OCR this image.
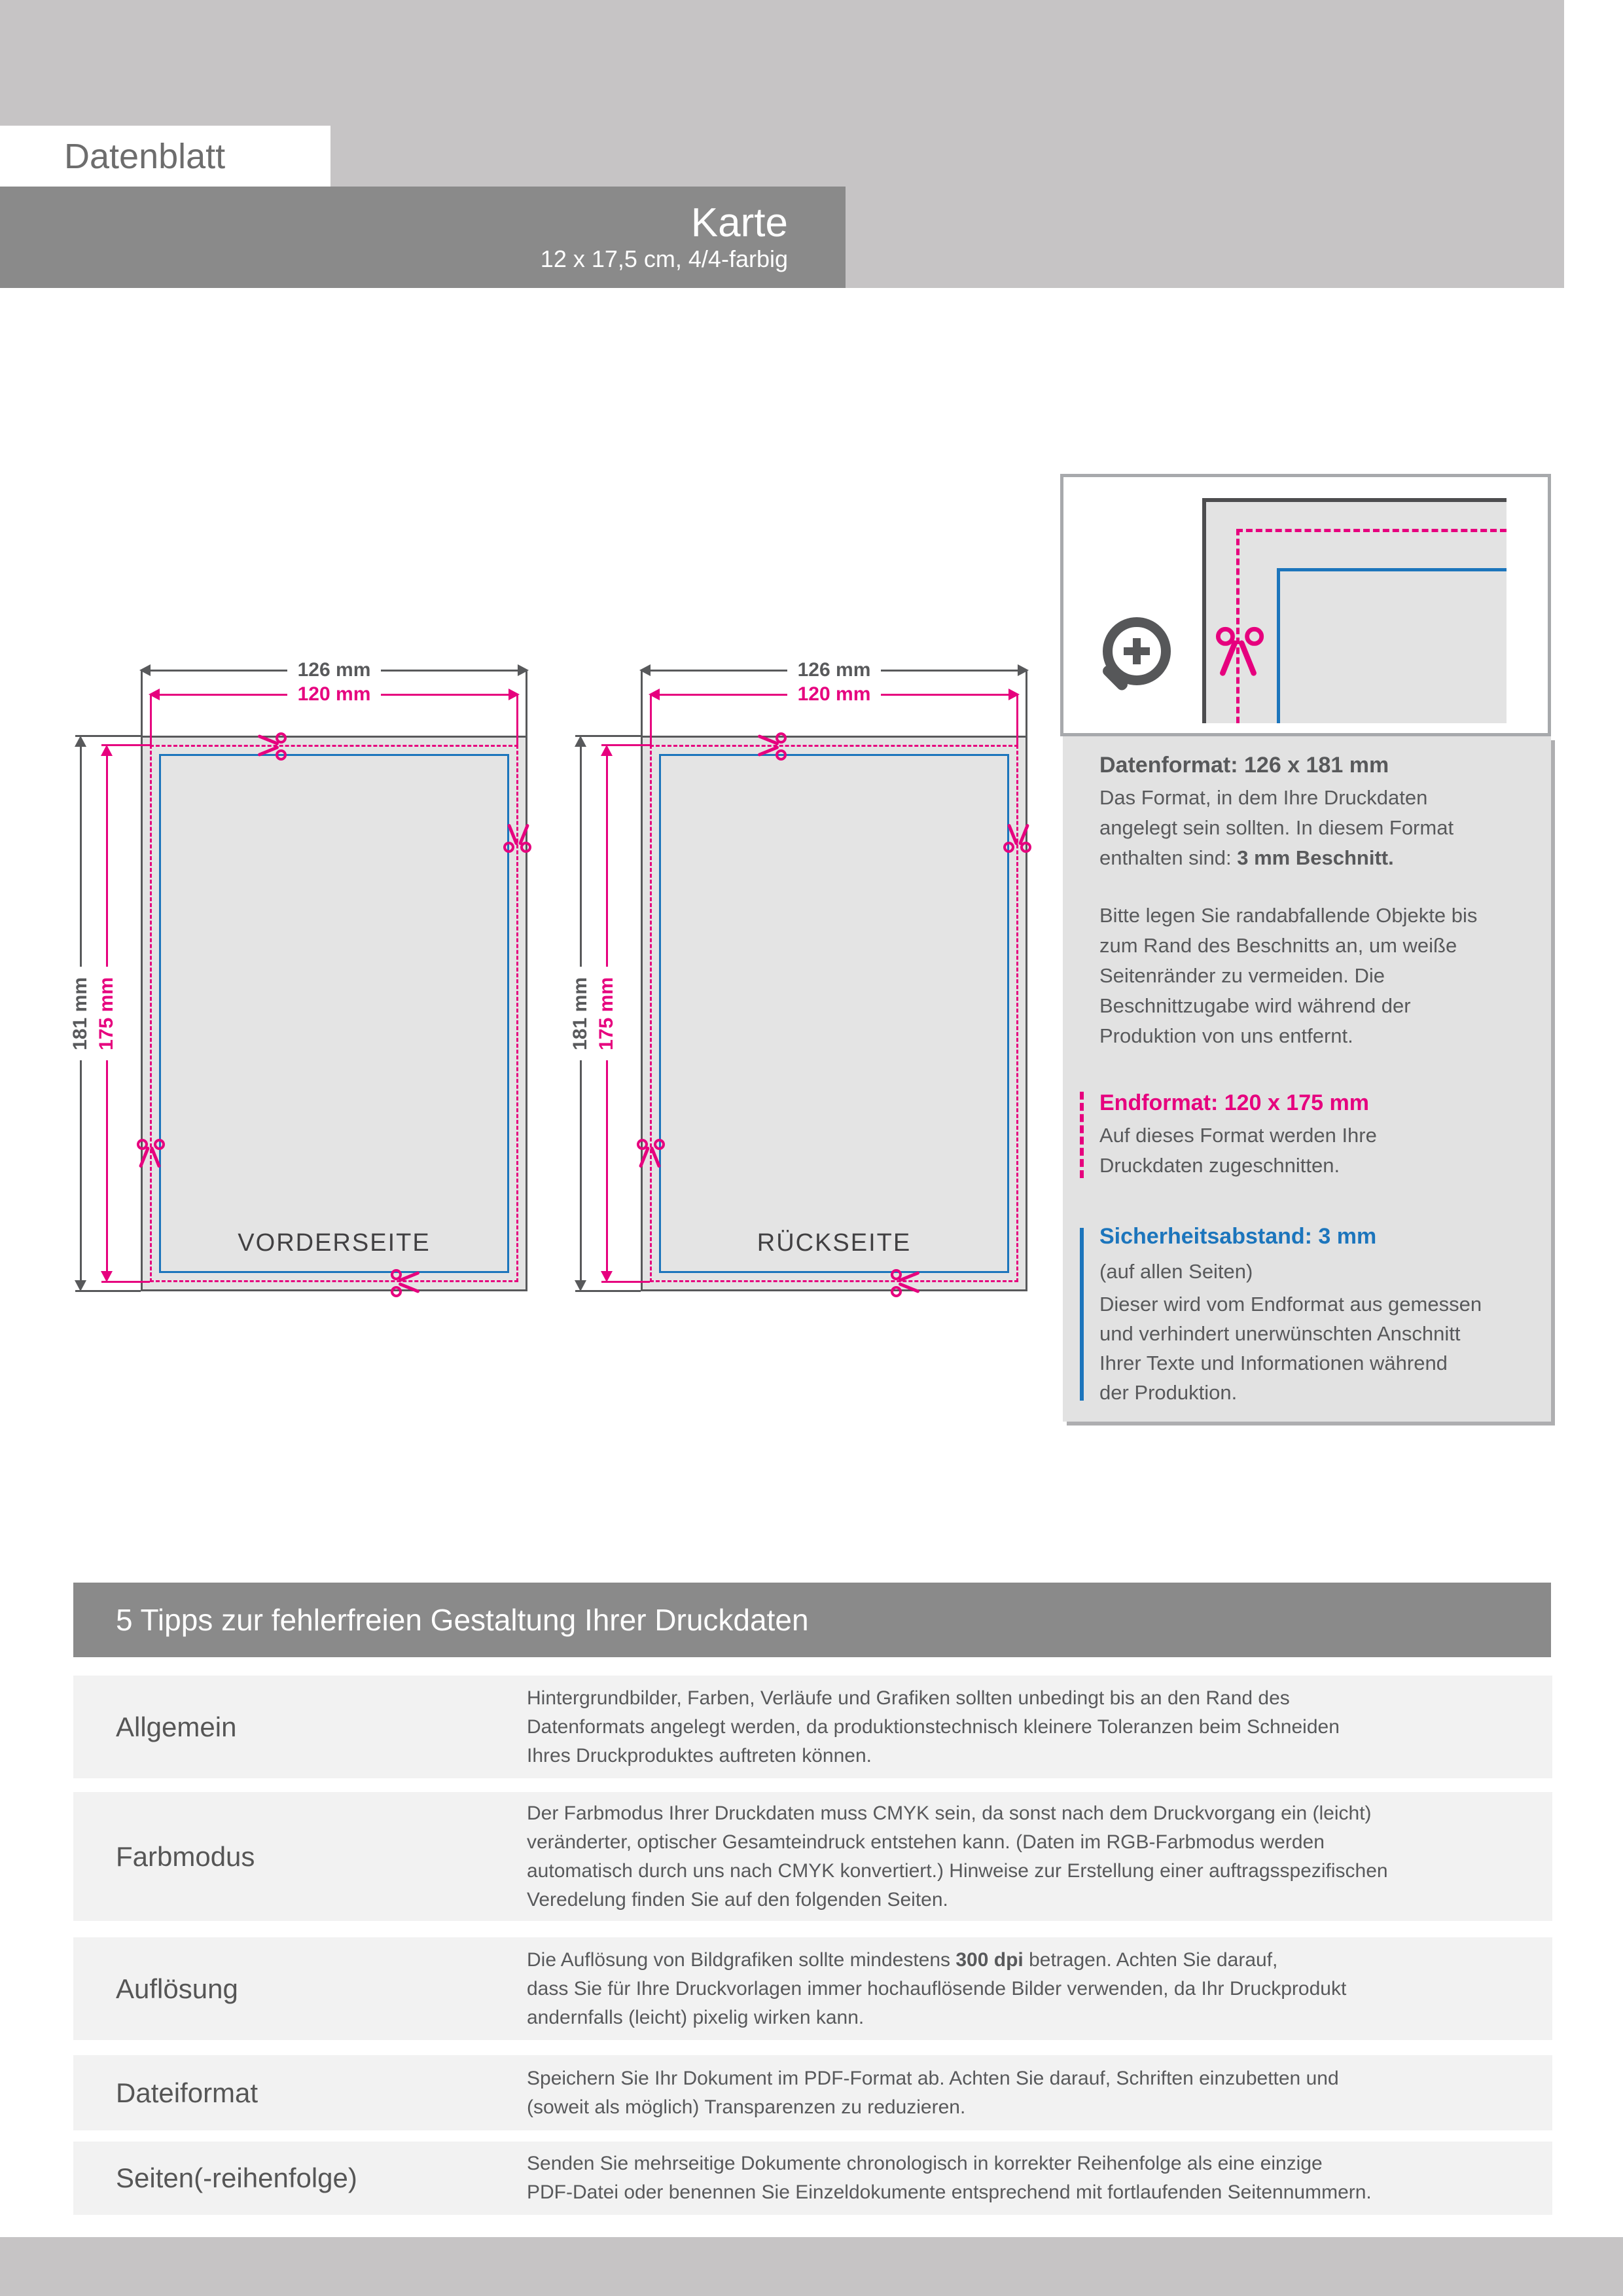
Datenblatt
Karte
12 x 17,5 cm, 4/4-farbig
VORDERSEITE
126 mm
120 mm
181 mm 175 mm
RÜCKSEITE
126 mm
120 mm
181 mm 175 mm
Datenformat: 126 x 181 mm
Das Format, in dem Ihre Druckdaten
angelegt sein sollten. In diesem Format
enthalten sind: 3 mm Beschnitt.
Bitte legen Sie randabfallende Objekte bis
zum Rand des Beschnitts an, um weiße
Seitenränder zu vermeiden. Die
Beschnittzugabe wird während der
Produktion von uns entfernt.
Endformat: 120 x 175 mm
Auf dieses Format werden Ihre
Druckdaten zugeschnitten.
Sicherheitsabstand: 3 mm
(auf allen Seiten)
Dieser wird vom Endformat aus gemessen
und verhindert unerwünschten Anschnitt
Ihrer Texte und Informationen während
der Produktion.
5 Tipps zur fehlerfreien Gestaltung Ihrer Druckdaten
Allgemein
Hintergrundbilder, Farben, Verläufe und Grafiken sollten unbedingt bis an den Rand des
Datenformats angelegt werden, da produktionstechnisch kleinere Toleranzen beim Schneiden
Ihres Druckproduktes auftreten können.
Farbmodus
Der Farbmodus Ihrer Druckdaten muss CMYK sein, da sonst nach dem Druckvorgang ein (leicht)
veränderter, optischer Gesamteindruck entstehen kann. (Daten im RGB-Farbmodus werden
automatisch durch uns nach CMYK konvertiert.) Hinweise zur Erstellung einer auftragsspezifischen
Veredelung finden Sie auf den folgenden Seiten.
Auflösung
Die Auflösung von Bildgrafiken sollte mindestens 300 dpi betragen. Achten Sie darauf,
dass Sie für Ihre Druckvorlagen immer hochauflösende Bilder verwenden, da Ihr Druckprodukt
andernfalls (leicht) pixelig wirken kann.
Dateiformat	Speichern Sie Ihr Dokument im PDF-Format ab. Achten Sie darauf, Schriften einzubetten und
(soweit als möglich) Transparenzen zu reduzieren.
Seiten(-reihenfolge)	Senden Sie mehrseitige Dokumente chronologisch in korrekter Reihenfolge als eine einzige
PDF-Datei oder benennen Sie Einzeldokumente entsprechend mit fortlaufenden Seitennummern.
